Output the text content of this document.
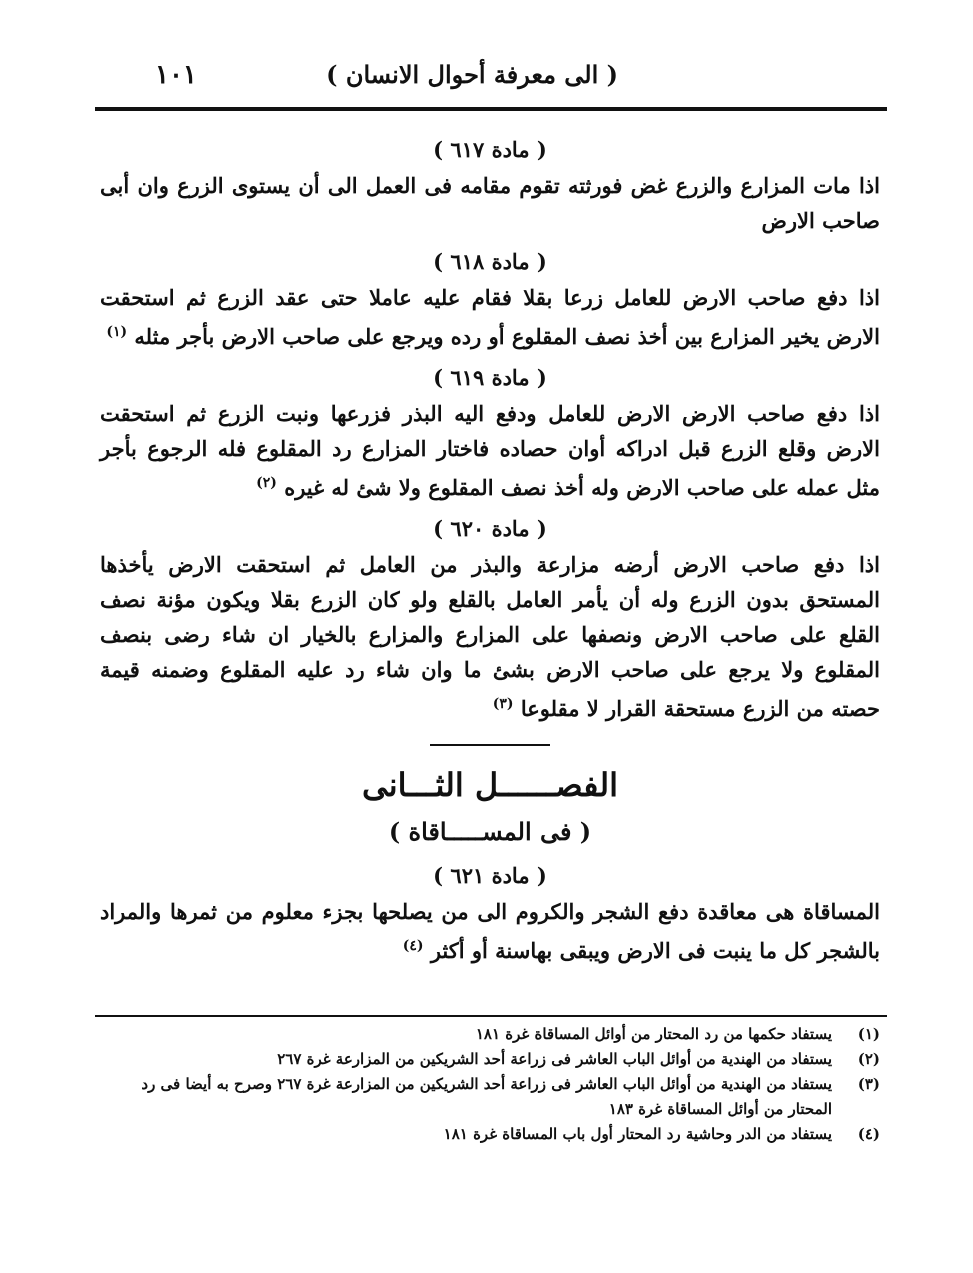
( الى معرفة أحوال الانسان )
١٠١

( مادة ٦١٧ )

اذا مات المزارع والزرع غض فورثته تقوم مقامه فى العمل الى أن يستوى الزرع وان أبى صاحب الارض

( مادة ٦١٨ )

اذا دفع صاحب الارض للعامل زرعا بقلا فقام عليه عاملا حتى عقد الزرع ثم استحقت الارض يخير المزارع بين أخذ نصف المقلوع أو رده ويرجع على صاحب الارض بأجر مثله $^{(١)}$

( مادة ٦١٩ )

اذا دفع صاحب الارض الارض للعامل ودفع اليه البذر فزرعها ونبت الزرع ثم استحقت الارض وقلع الزرع قبل ادراكه أوان حصاده فاختار المزارع رد المقلوع فله الرجوع بأجر مثل عمله على صاحب الارض وله أخذ نصف المقلوع ولا شئ له غيره $^{(٢)}$

( مادة ٦٢٠ )

اذا دفع صاحب الارض أرضه مزارعة والبذر من العامل ثم استحقت الارض يأخذها المستحق بدون الزرع وله أن يأمر العامل بالقلع ولو كان الزرع بقلا ويكون مؤنة نصف القلع على صاحب الارض ونصفها على المزارع والمزارع بالخيار ان شاء رضى بنصف المقلوع ولا يرجع على صاحب الارض بشئ ما وان شاء رد عليه المقلوع وضمنه قيمة حصته من الزرع مستحقة القرار لا مقلوعا $^{(٣)}$

الفصــــــل الثـــانى

( فى المســـــاقاة )

( مادة ٦٢١ )

المساقاة هى معاقدة دفع الشجر والكروم الى من يصلحها بجزء معلوم من ثمرها والمراد بالشجر كل ما ينبت فى الارض ويبقى بهاسنة أو أكثر $^{(٤)}$

(١)
يستفاد حكمها من رد المحتار من أوائل المساقاة غرة ١٨١
(٢)
يستفاد من الهندية من أوائل الباب العاشر فى زراعة أحد الشريكين من المزارعة غرة ٢٦٧
(٣)
يستفاد من الهندية من أوائل الباب العاشر فى زراعة أحد الشريكين من المزارعة غرة ٢٦٧ وصرح به أيضا فى رد المحتار من أوائل المساقاة غرة ١٨٣
(٤)
يستفاد من الدر وحاشية رد المحتار أول باب المساقاة غرة ١٨١
